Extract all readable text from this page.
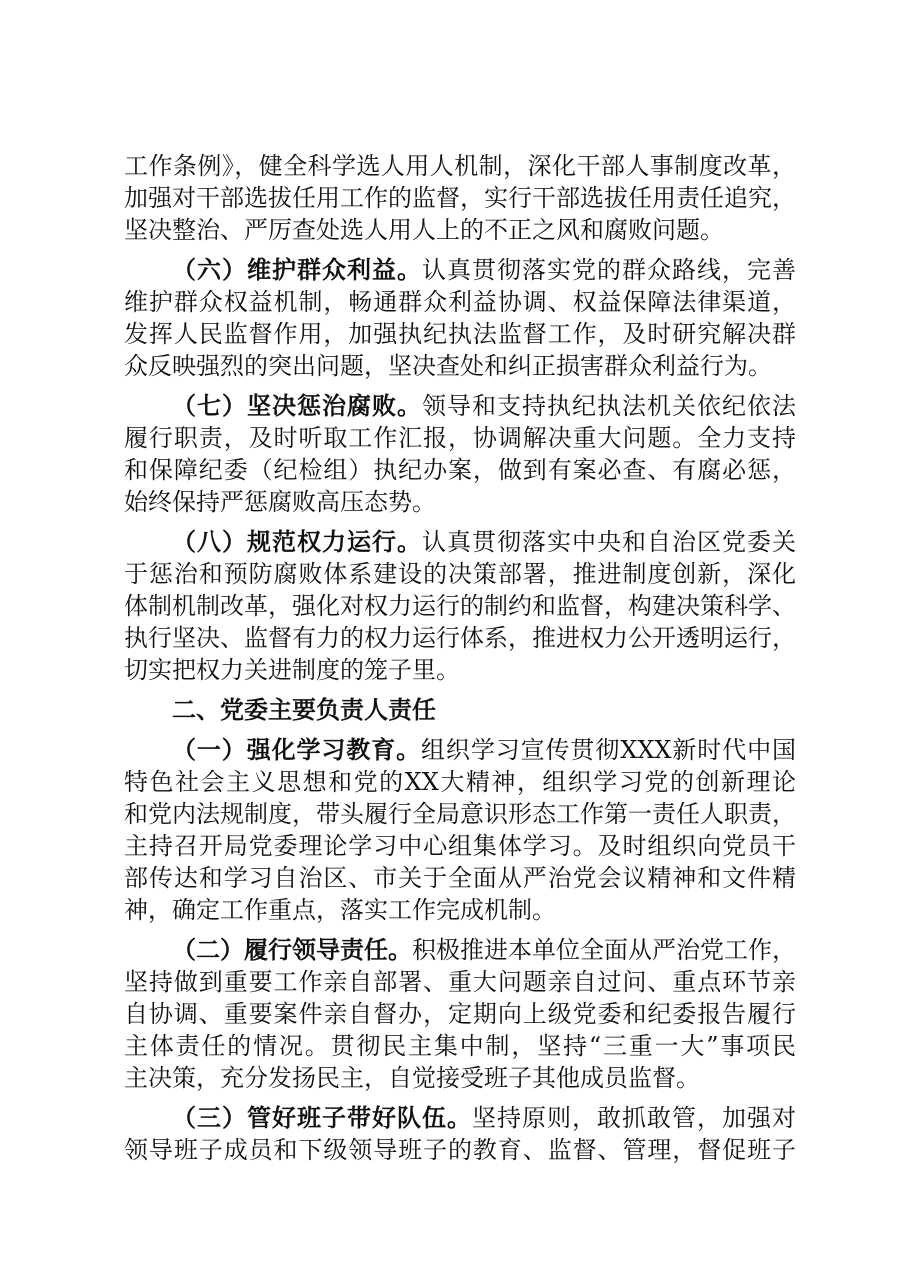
工作条例》，健全科学选人用人机制，深化干部人事制度改革，
加强对干部选拔任用工作的监督，实行干部选拔任用责任追究，
坚决整治、严厉查处选人用人上的不正之风和腐败问题。
（六）维护群众利益。认真贯彻落实党的群众路线，完善
维护群众权益机制，畅通群众利益协调、权益保障法律渠道，
发挥人民监督作用，加强执纪执法监督工作，及时研究解决群
众反映强烈的突出问题，坚决查处和纠正损害群众利益行为。
（七）坚决惩治腐败。领导和支持执纪执法机关依纪依法
履行职责，及时听取工作汇报，协调解决重大问题。全力支持
和保障纪委（纪检组）执纪办案，做到有案必查、有腐必惩，
始终保持严惩腐败高压态势。
（八）规范权力运行。认真贯彻落实中央和自治区党委关
于惩治和预防腐败体系建设的决策部署，推进制度创新，深化
体制机制改革，强化对权力运行的制约和监督，构建决策科学、
执行坚决、监督有力的权力运行体系，推进权力公开透明运行，
切实把权力关进制度的笼子里。
二、党委主要负责人责任
（一）强化学习教育。组织学习宣传贯彻XXX新时代中国
特色社会主义思想和党的XX大精神，组织学习党的创新理论
和党内法规制度，带头履行全局意识形态工作第一责任人职责，
主持召开局党委理论学习中心组集体学习。及时组织向党员干
部传达和学习自治区、市关于全面从严治党会议精神和文件精
神，确定工作重点，落实工作完成机制。
（二）履行领导责任。积极推进本单位全面从严治党工作，
坚持做到重要工作亲自部署、重大问题亲自过问、重点环节亲
自协调、重要案件亲自督办，定期向上级党委和纪委报告履行
主体责任的情况。贯彻民主集中制，坚持“三重一大”事项民
主决策，充分发扬民主，自觉接受班子其他成员监督。
（三）管好班子带好队伍。坚持原则，敢抓敢管，加强对
领导班子成员和下级领导班子的教育、监督、管理，督促班子
